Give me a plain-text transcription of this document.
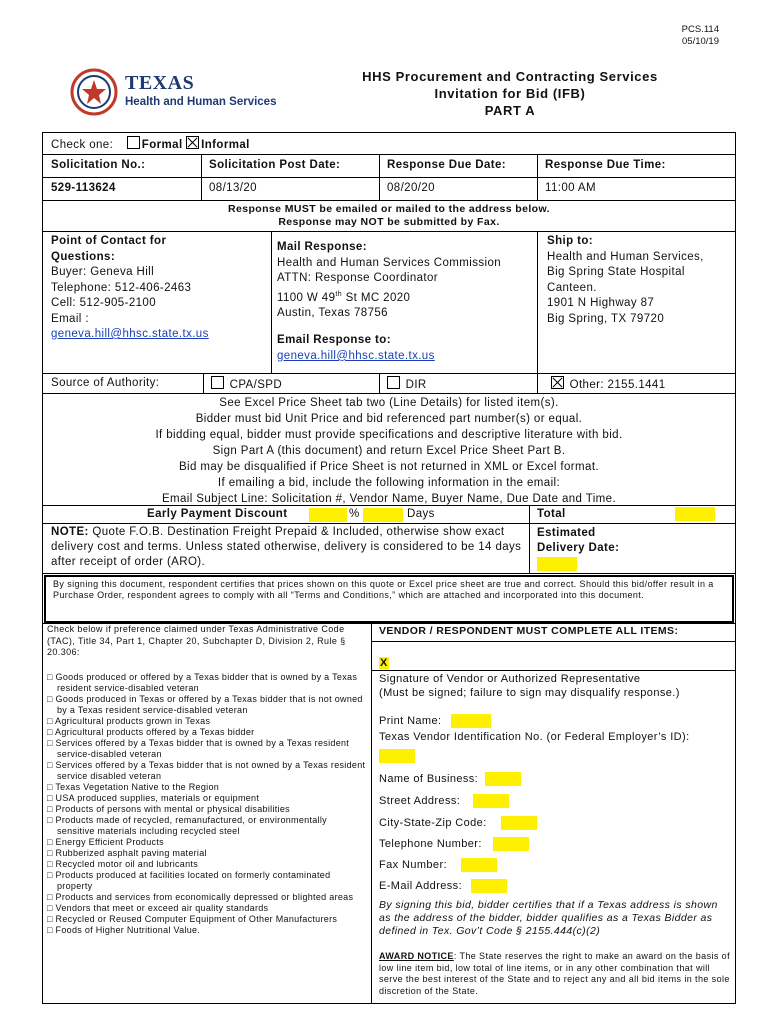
PCS.114
05/10/19
TEXAS
Health and Human Services
HHS Procurement and Contracting Services
Invitation for Bid (IFB)
PART A
Check one: Formal Informal
Solicitation No.:	Solicitation Post Date:	Response Due Date:	Response Due Time:
529-113624	08/13/20	08/20/20	11:00 AM
Response MUST be emailed or mailed to the address below.
Response may NOT be submitted by Fax.
Point of Contact for
Questions:
Buyer: Geneva Hill
Telephone: 512-406-2463
Cell: 512-905-2100
Email :
geneva.hill@hhsc.state.tx.us
Mail Response:
Health and Human Services Commission
ATTN: Response Coordinator
1100 W 49th St MC 2020
Austin, Texas 78756
Email Response to:
geneva.hill@hhsc.state.tx.us
Ship to:
Health and Human Services,
Big Spring State Hospital
Canteen.
1901 N Highway 87
Big Spring, TX 79720
Source of Authority:	CPA/SPD	DIR	Other: 2155.1441
See Excel Price Sheet tab two (Line Details) for listed item(s).
Bidder must bid Unit Price and bid referenced part number(s) or equal.
If bidding equal, bidder must provide specifications and descriptive literature with bid.
Sign Part A (this document) and return Excel Price Sheet Part B.
Bid may be disqualified if Price Sheet is not returned in XML or Excel format.
If emailing a bid, include the following information in the email:
Email Subject Line: Solicitation #, Vendor Name, Buyer Name, Due Date and Time.
Early Payment Discount	%	Days	Total
NOTE: Quote F.O.B. Destination Freight Prepaid & Included, otherwise show exact delivery cost and terms. Unless stated otherwise, delivery is considered to be 14 days after receipt of order (ARO).
Estimated
Delivery Date:
By signing this document, respondent certifies that prices shown on this quote or Excel price sheet are true and correct. Should this bid/offer result in a Purchase Order, respondent agrees to comply with all “Terms and Conditions,” which are attached and incorporated into this document.
Check below if preference claimed under Texas Administrative Code (TAC), Title 34, Part 1, Chapter 20, Subchapter D, Division 2, Rule § 20.306:
□ Goods produced or offered by a Texas bidder that is owned by a Texas resident service-disabled veteran
□ Goods produced in Texas or offered by a Texas bidder that is not owned by a Texas resident service-disabled veteran
□ Agricultural products grown in Texas
□ Agricultural products offered by a Texas bidder
□ Services offered by a Texas bidder that is owned by a Texas resident service-disabled veteran
□ Services offered by a Texas bidder that is not owned by a Texas resident service disabled veteran
□ Texas Vegetation Native to the Region
□ USA produced supplies, materials or equipment
□ Products of persons with mental or physical disabilities
□ Products made of recycled, remanufactured, or environmentally sensitive materials including recycled steel
□ Energy Efficient Products
□ Rubberized asphalt paving material
□ Recycled motor oil and lubricants
□ Products produced at facilities located on formerly contaminated property
□ Products and services from economically depressed or blighted areas
□ Vendors that meet or exceed air quality standards
□ Recycled or Reused Computer Equipment of Other Manufacturers
□ Foods of Higher Nutritional Value.
VENDOR / RESPONDENT MUST COMPLETE ALL ITEMS:
X
Signature of Vendor or Authorized Representative
(Must be signed; failure to sign may disqualify response.)
Print Name:
Texas Vendor Identification No. (or Federal Employer’s ID):
Name of Business:
Street Address:
City-State-Zip Code:
Telephone Number:
Fax Number:
E-Mail Address:
By signing this bid, bidder certifies that if a Texas address is shown as the address of the bidder, bidder qualifies as a Texas Bidder as defined in Tex. Gov’t Code § 2155.444(c)(2)
AWARD NOTICE: The State reserves the right to make an award on the basis of low line item bid, low total of line items, or in any other combination that will serve the best interest of the State and to reject any and all bid items in the sole discretion of the State.
